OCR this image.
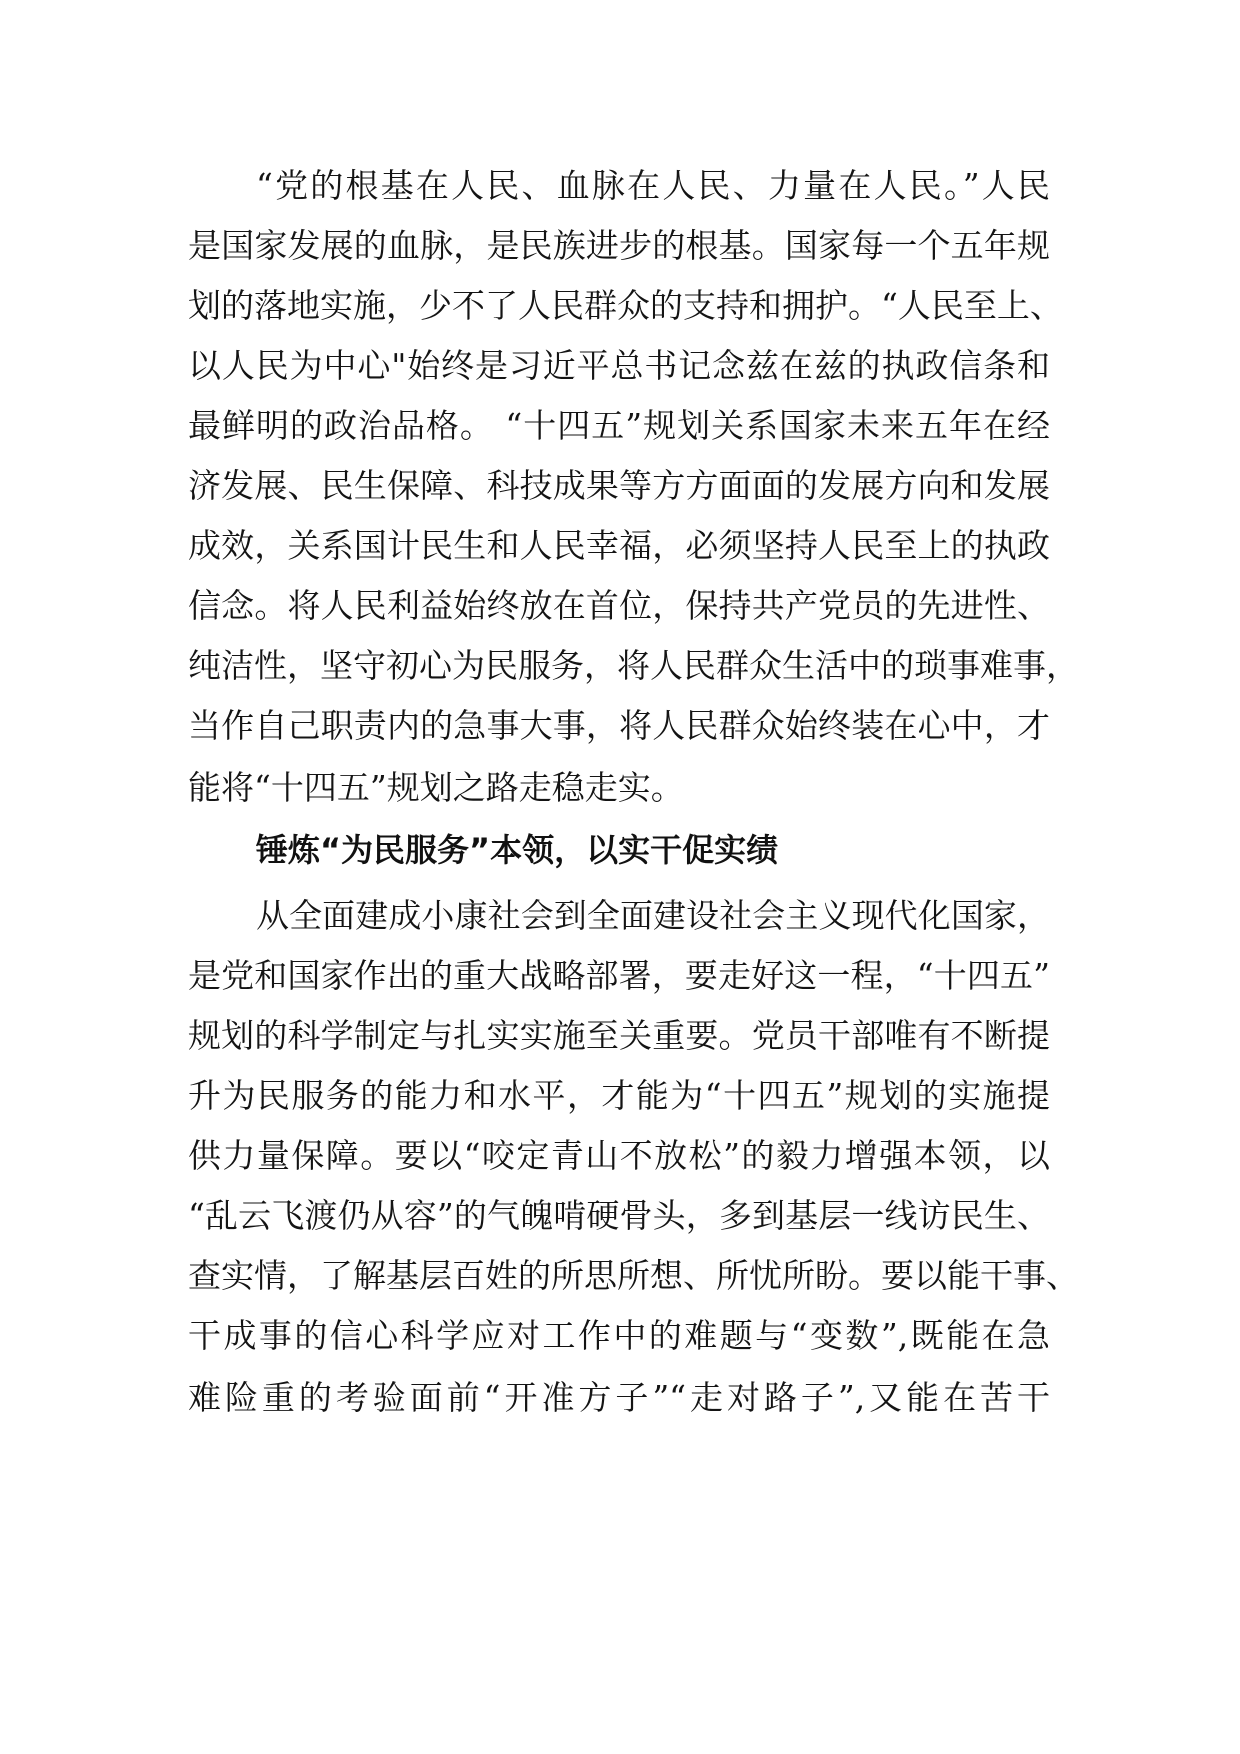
“党的根基在人民、血脉在人民、力量在人民。”人民
是国家发展的血脉，是民族进步的根基。国家每一个五年规
划的落地实施，少不了人民群众的支持和拥护。“人民至上、
以人民为中心"始终是习近平总书记念兹在兹的执政信条和
最鲜明的政治品格。 “十四五”规划关系国家未来五年在经
济发展、民生保障、科技成果等方方面面的发展方向和发展
成效，关系国计民生和人民幸福，必须坚持人民至上的执政
信念。将人民利益始终放在首位，保持共产党员的先进性、
纯洁性，坚守初心为民服务，将人民群众生活中的琐事难事，
当作自己职责内的急事大事，将人民群众始终装在心中，才
能将“十四五”规划之路走稳走实。
锤炼“为民服务”本领，以实干促实绩
从全面建成小康社会到全面建设社会主义现代化国家，
是党和国家作出的重大战略部署，要走好这一程，“十四五”
规划的科学制定与扎实实施至关重要。党员干部唯有不断提
升为民服务的能力和水平，才能为“十四五”规划的实施提
供力量保障。要以“咬定青山不放松”的毅力增强本领，以
“乱云飞渡仍从容”的气魄啃硬骨头，多到基层一线访民生、
查实情，了解基层百姓的所思所想、所忧所盼。要以能干事、
干成事的信心科学应对工作中的难题与“变数”,既能在急
难险重的考验面前“开准方子”“走对路子”,又能在苦干
